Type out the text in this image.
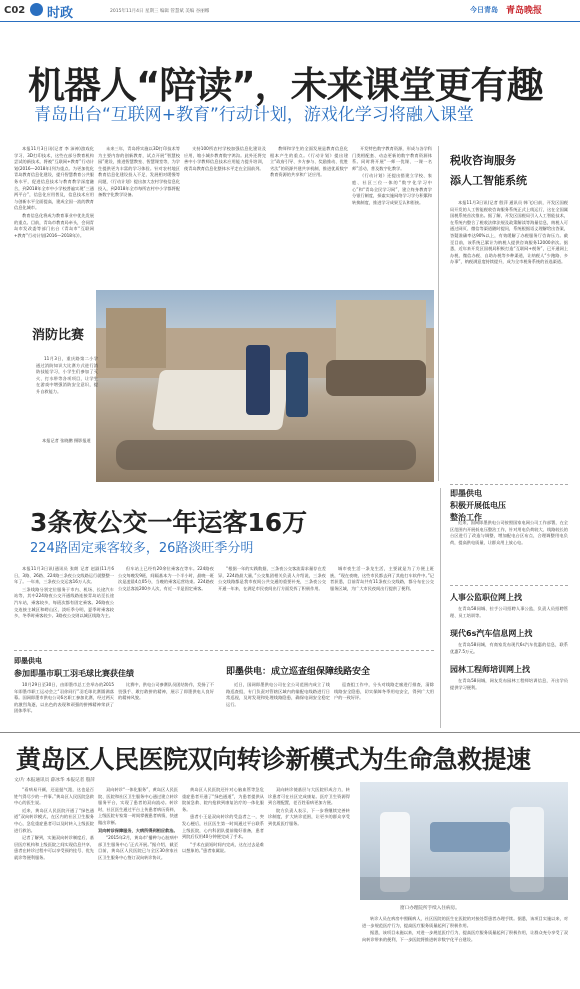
C02 时政	2015年11月4日 星期三 编辑 管慧斌 美编 谷丽娜	今日青岛 青岛晚报
机器人“陪读”，未来课堂更有趣
青岛出台“互联网+教育”行动计划，游戏化学习将融入课堂

本报11月3日讯(记者 李 沛神)游戏化学习、3D打印技术，这些在部分教育机构尝试的新技术，将被“互联网+教育”行动计划(2016—2018年)列为重点。为更加优化青岛教育信息化建设，提升智慧教育公共服务水平，促进信息技术与教育教学深度融合，到2018年全市中小学校普遍实现“三通两平台”，信息化应用普及，信息技术应用与创新水平全面提高，建成全国一流的教育信息化城市。

教育信息化将成为教育事业中优先发展的重点。目前，青岛市教育局牵头，会同青岛市发改委等部门出台《青岛市“互联网+教育”行动计划(2016—2018年)》。

未来三年，青岛将实施以3D打印技术等为主要内容的创新教育，试点开展“智慧校园”建设，推进智慧教室、智慧课堂等，为学生提供更为丰富的学习体验。针对农村地区教育信息化建设投入不足、发展相对缓慢等问题，《行动计划》提出加大农村学校信息化投入，到2018年全市每所农村中小学都将配备数字化教学设备。

支持100所农村学校加强信息化建设及应用，缩小城乡教育数字鸿沟。此外还将完善中小学教师信息技术应用能力提升培训，使青岛教育信息化整体水平走在全国前列。

教师和学生的全面发展是教育信息化根本产生的重点。《行动计划》提出建立“政府引导、多方参与、奖励推动、优胜劣汰”的资源共建共享机制，推进优质数字教育资源的共享和广泛应用。

开发特色数字教育资源，形成与各学科门类相配套、动态更新的数字教育资源体系。同时将开展“一师一优课、一课一名师”活动，普及数字化教学。

《行动计划》还提出搭建立学校、家庭、社区三位一体的“数字化学习中心”和“青岛全民学习网”，建立终身教育学分银行制度，探索实施网络学习学分积累和转换制度，推进学习成果互认和衔接。

消防比赛

11月3日，重庆路第二小学通过消防知识大比赛方式进行消防技能学习，小学生们参加了灭火、打水带等各项项目，让学生在游戏中增强消防安全意识，提升自救能力。

本报记者 张晓鹏 摄影报道
税收咨询服务
添人工智能系统

本报11月3日讯(记者 殷萍 通讯员 韩飞)日前，开发区国税局开发的人工智能税收咨询服务系统正式上线运行，这在全国属国税系统首次推出。据了解，开发区国税局引入人工智能技术，在系统内整合了税收法律法规及政策解读等海量信息，纳税人可通过网页、微信等渠道随时提问，系统根据语义理解给出答案，答疑准确率达90%以上，有效缓解了办税服务厅咨询压力。截至目前，该系统已累计为纳税人提供咨询服务12000余次。据悉，近年来开发区国税局积极打造“互联网+税务”，已开通网上办税、微信办税、自助办税等多种渠道，让纳税人“少跑路、多办事”，纳税满意度持续提升，成为全市税务系统的首选渠道。

即墨供电
积极开展低电压
整治工作

近来，国网即墨供电公司按照国家电网公司工作部署，在全区范围内开展低电压整治工作，针对用电负荷较大、线路较长的台区进行了改造与调整，增加配电台区布点，合理调整用电负荷，提高供电质量，让群众用上放心电。

人事公监职位网上找

在青岛58同城、拉手公司招聘人事公监，负责人员招聘管理、员工培训等。

现代6s汽车信息网上找

在青岛58同城，有商家发布现代6s汽车优惠的信息，联系优惠7.5万元。

园林工程师培训网上找

在青岛58同城，网友发布园林工程师培训信息，开出学员提供学习便利。

3条夜公交一年运客16万
224路固定乘客较多，26路淡旺季分明

本报11月3日讯(通讯员 张朗 记者 赵淑)11月6日，3路、26路、224路三条夜公交线路运行就整整一年了。一年来，三条夜公交运客16万人次。

三条线路分别定位服务于市内、机场、长途汽车站等，其中224路夜公交开通线路连接青岛站至长途汽车站，乘客较多，每班次都有固定乘客。26路夜公交连接主城区和崂山区，淡旺季分明，夏季时乘客较多，冬季时乘客较少。3路夜公交则以城区线路为主。

但车站上已经有20余位乘客在等车。224路夜公交每晚发9班，间隔基本为一个半小时，最晚一班次是凌晨4点05分，当晚的乘客运营结束。224路夜公交总客流200多人次，有近一半是固定乘客。

“根据一年的实践数据，三条夜公交客流需求量存在差异，224路最大量，”公交集团相关负责人介绍说，三条夜公交线路都是我市夜间公共交通的重要补充，三条夜公交开通一年来，在满足市民夜间出行方面发挥了积极作用。

城市夜生活一条龙生活，主要就是为了方便上班族，“现在夜晚，这些市民都去到了其他打车软件中。”记者获悉，目前青岛共有11条夜公交线路，都分布在公交服务区域，为广大市民夜间出行提供了便利。

即墨供电
参加即墨市职工羽毛球比赛获佳绩

10月29日至30日，由即墨市总工会举办的2015年即墨市职工运动会之“羽你同行”羽毛球比赛圆满落幕。国网即墨市供电公司6名职工参加比赛，经过两天的激烈角逐，以出色的表现和顽强的拼搏精神荣获了团体季军。

比赛中，供电公司参赛队员团结协作，发扬了不畏强手、敢打敢拼的精神，展示了即墨供电人良好的精神风貌。

即墨供电：成立巡查组保障线路安全

近日，国网即墨供电公司在全公司范围内成立了线路巡查组，专门负责对管辖区域内的输配电线路进行日常巡视，及时发现和处理线路隐患，确保电网安全稳定运行。

巡查组工作中，分头对线路走廊进行排查，清除线路安全隐患，切实保障冬季用电安全，得到广大用户的一致好评。

黄岛区人民医院双向转诊新模式为生命急救提速
文/片 本报通讯员 薛冰华 本报记者 殷萍

“看病易开颜，还是挺气派，这也是百姓气得尽少的一件事。”黄岛区人民医院急救中心的医生说。

近来，黄岛区人民医院开通了“绿色通道”双向转诊模式，在区内的社区卫生服务中心，急危重症患者可以及时转入上级医院进行救治。

记者了解到，实施双向转诊制度后，基层医疗机构和上级医院之间实现信息共享，患者在转诊过程中可以享受预约挂号、优先就诊等便利服务。

双向转诊“一体化服务”，黄岛区人民医院、医院和社区卫生服务中心通过建立转诊服务平台，实现了患者的双向流动。转诊时，社区医生通过平台上传患者病历资料，上级医院专家第一时间掌握患者病情，快速做出诊断。

双向转诊保障服务，大病所得到相应救治。

“2015年2月，黄岛市‘播种与心脏病中部卫生服务中心’正式开展。”据介绍，截至目前，黄岛区人民医院已与全区30余家社区卫生服务中心签订双向转诊协议。

黄岛区人民医院还针对心脑血管等急危重症患者开通了“绿色通道”，为患者提供从院前急救、院内抢救到康复治疗的一体化服务。

患者小王是双向转诊的受益者之一，突发心梗后，社区医生第一时间通过平台联系上级医院，心内科团队提前做好准备，患者到院后仅用40分钟便完成了手术。

“手术在最短时间内完成，这在过去是难以想象的。”患者家属说。

双向转诊使基层与大医院形成合力，转诊患者可在社区完成康复。医疗卫生资源得到合理配置，老百姓看病更加方便。

院方负责人表示，下一步将继续完善转诊制度，扩大转诊范围，让更多的群众享受到优质医疗服务。

窗口办理院所手续入住病房。

转诊人员在病房中照顾病人，社区医院的医生在医院的对接处帮患者办理手续。据悉，该项目实施以来，对进一步规范医疗行为，提高医疗服务质量起到了积极作用。

据悉，该项目未施以来，对进一步规范医疗行为、提高医疗服务质量起到了积极作用，让群众充分享受了双向转诊带来的便利，下一步医院将推进转诊数字化平台建设。
